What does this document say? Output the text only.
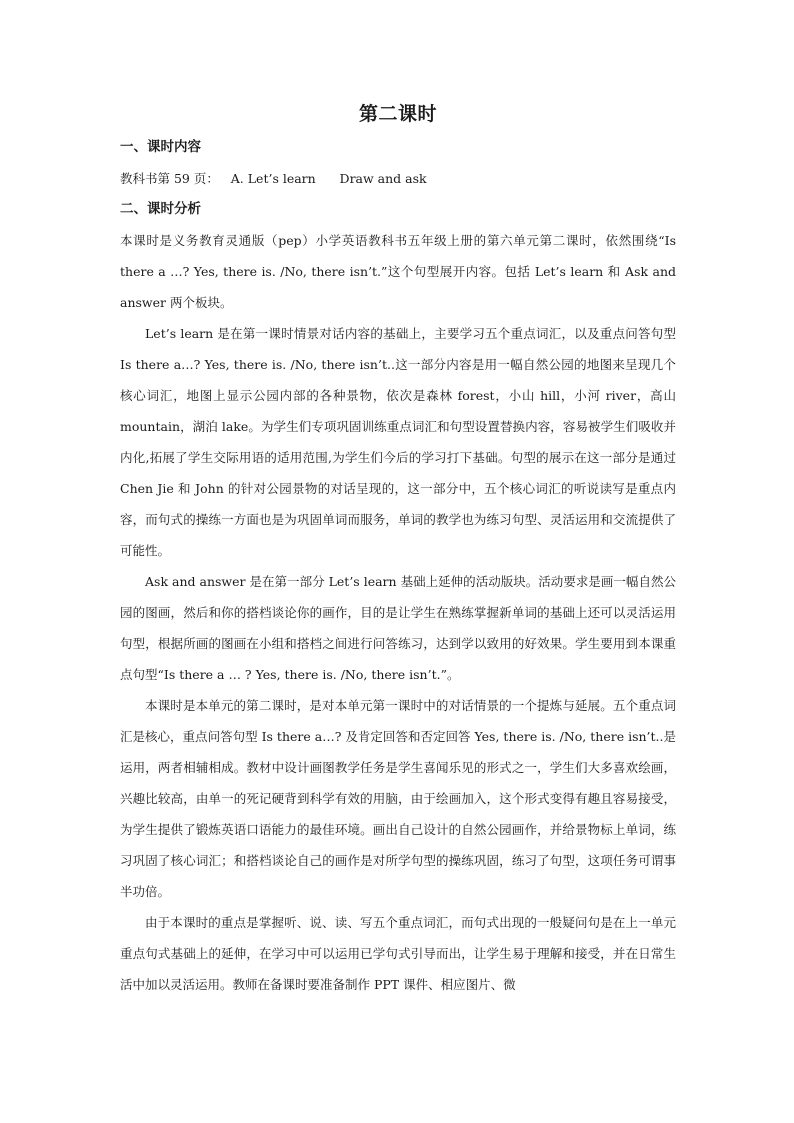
第二课时
一、课时内容

教科书第 59 页：   A. Let’s learn      Draw and ask

二、课时分析

本课时是义务教育灵通版（pep）小学英语教科书五年级上册的第六单元第二课时，依然围绕“Is there a …? Yes, there is. /No, there isn’t.”这个句型展开内容。包括 Let’s learn 和 Ask and answer 两个板块。

Let’s learn 是在第一课时情景对话内容的基础上，主要学习五个重点词汇，以及重点问答句型 Is there a…? Yes, there is. /No, there isn’t..这一部分内容是用一幅自然公园的地图来呈现几个核心词汇，地图上显示公园内部的各种景物，依次是森林 forest，小山 hill，小河 river，高山 mountain，湖泊 lake。为学生们专项巩固训练重点词汇和句型设置替换内容，容易被学生们吸收并内化,拓展了学生交际用语的适用范围,为学生们今后的学习打下基础。句型的展示在这一部分是通过 Chen Jie 和 John 的针对公园景物的对话呈现的，这一部分中，五个核心词汇的听说读写是重点内容，而句式的操练一方面也是为巩固单词而服务，单词的教学也为练习句型、灵活运用和交流提供了可能性。

Ask and answer 是在第一部分 Let’s learn 基础上延伸的活动版块。活动要求是画一幅自然公园的图画，然后和你的搭档谈论你的画作，目的是让学生在熟练掌握新单词的基础上还可以灵活运用句型，根据所画的图画在小组和搭档之间进行问答练习，达到学以致用的好效果。学生要用到本课重点句型“Is there a … ? Yes, there is. /No, there isn’t.”。

本课时是本单元的第二课时，是对本单元第一课时中的对话情景的一个提炼与延展。五个重点词汇是核心，重点问答句型 Is there a…? 及肯定回答和否定回答 Yes, there is. /No, there isn’t..是运用，两者相辅相成。教材中设计画图教学任务是学生喜闻乐见的形式之一，学生们大多喜欢绘画，兴趣比较高，由单一的死记硬背到科学有效的用脑，由于绘画加入，这个形式变得有趣且容易接受，为学生提供了锻炼英语口语能力的最佳环境。画出自己设计的自然公园画作，并给景物标上单词，练习巩固了核心词汇；和搭档谈论自己的画作是对所学句型的操练巩固，练习了句型，这项任务可谓事半功倍。

由于本课时的重点是掌握听、说、读、写五个重点词汇，而句式出现的一般疑问句是在上一单元重点句式基础上的延伸，在学习中可以运用已学句式引导而出，让学生易于理解和接受，并在日常生活中加以灵活运用。教师在备课时要准备制作 PPT 课件、相应图片、微
